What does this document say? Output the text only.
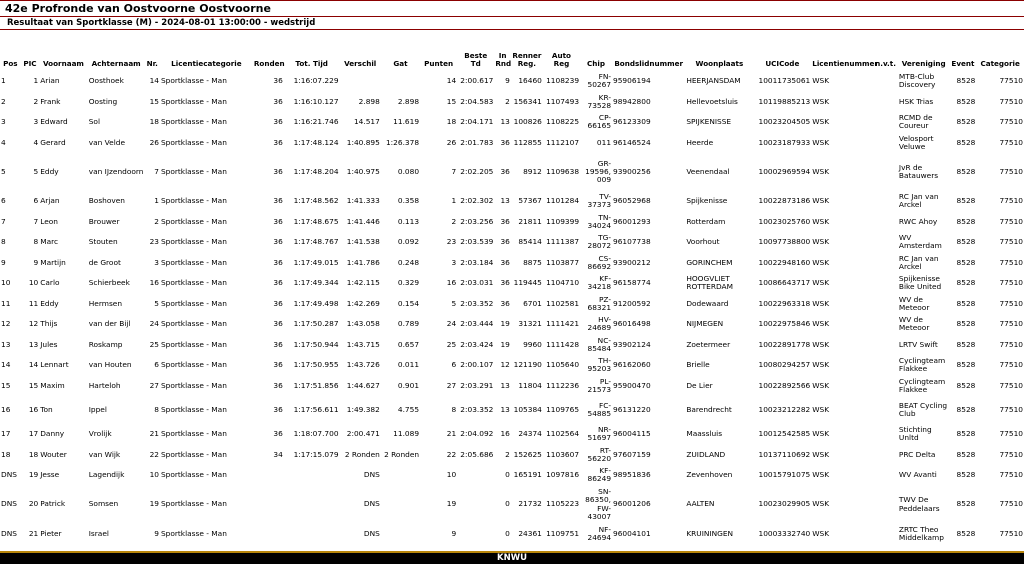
42e Profronde van Oostvoorne Oostvoorne
Resultaat van Sportklasse (M) - 2024-08-01 13:00:00 - wedstrijd
Pos	PIC	Voornaam	Achternaam	Nr.	Licentiecategorie	Ronden	Tot. Tijd	Verschil	Gat	Punten	Beste Td	In Rnd	Renner Reg.	Auto Reg	Chip	Bondslidnummer	Woonplaats	UCICode	Licentienummer	n.v.t.	Vereniging	Event	Categorie
1	1	Arian	Oosthoek	14	Sportklasse - Man	36	1:16:07.229			14	2:00.617	9	16460	1108239	FN-50267	95906194	HEERJANSDAM	10011735061	WSK		MTB-Club Discovery	8528	77510
2	2	Frank	Oosting	15	Sportklasse - Man	36	1:16:10.127	2.898	2.898	15	2:04.583	2	156341	1107493	KR-73528	98942800	Hellevoetsluis	10119885213	WSK		HSK Trias	8528	77510
3	3	Edward	Sol	18	Sportklasse - Man	36	1:16:21.746	14.517	11.619	18	2:04.171	13	100826	1108225	CP-66165	96123309	SPIJKENISSE	10023204505	WSK		RCMD de Coureur	8528	77510
4	4	Gerard	van Velde	26	Sportklasse - Man	36	1:17:48.124	1:40.895	1:26.378	26	2:01.783	36	112855	1112107	011	96146524	Heerde	10023187933	WSK		Velosport Veluwe	8528	77510
5	5	Eddy	van IJzendoorn	7	Sportklasse - Man	36	1:17:48.204	1:40.975	0.080	7	2:02.205	36	8912	1109638	GR-19596, 009	93900256	Veenendaal	10002969594	WSK		JvR de Batauwers	8528	77510
6	6	Arjan	Boshoven	1	Sportklasse - Man	36	1:17:48.562	1:41.333	0.358	1	2:02.302	13	57367	1101284	TV-37373	96052968	Spijkenisse	10022873186	WSK		RC Jan van Arckel	8528	77510
7	7	Leon	Brouwer	2	Sportklasse - Man	36	1:17:48.675	1:41.446	0.113	2	2:03.256	36	21811	1109399	TN-34024	96001293	Rotterdam	10023025760	WSK		RWC Ahoy	8528	77510
8	8	Marc	Stouten	23	Sportklasse - Man	36	1:17:48.767	1:41.538	0.092	23	2:03.539	36	85414	1111387	TG-28072	96107738	Voorhout	10097738800	WSK		WV Amsterdam	8528	77510
9	9	Martijn	de Groot	3	Sportklasse - Man	36	1:17:49.015	1:41.786	0.248	3	2:03.184	36	8875	1103877	CS-86692	93900212	GORINCHEM	10022948160	WSK		RC Jan van Arckel	8528	77510
10	10	Carlo	Schierbeek	16	Sportklasse - Man	36	1:17:49.344	1:42.115	0.329	16	2:03.031	36	119445	1104710	KF-34218	96158774	HOOGVLIET ROTTERDAM	10086643717	WSK		Spijkenisse Bike United	8528	77510
11	11	Eddy	Hermsen	5	Sportklasse - Man	36	1:17:49.498	1:42.269	0.154	5	2:03.352	36	6701	1102581	PZ-68321	91200592	Dodewaard	10022963318	WSK		WV de Meteoor	8528	77510
12	12	Thijs	van der Bijl	24	Sportklasse - Man	36	1:17:50.287	1:43.058	0.789	24	2:03.444	19	31321	1111421	HV-24689	96016498	NIJMEGEN	10022975846	WSK		WV de Meteoor	8528	77510
13	13	Jules	Roskamp	25	Sportklasse - Man	36	1:17:50.944	1:43.715	0.657	25	2:03.424	19	9960	1111428	NC-85484	93902124	Zoetermeer	10022891778	WSK		LRTV Swift	8528	77510
14	14	Lennart	van Houten	6	Sportklasse - Man	36	1:17:50.955	1:43.726	0.011	6	2:00.107	12	121190	1105640	TH-95203	96162060	Brielle	10080294257	WSK		Cyclingteam Flakkee	8528	77510
15	15	Maxim	Harteloh	27	Sportklasse - Man	36	1:17:51.856	1:44.627	0.901	27	2:03.291	13	11804	1112236	PL-21573	95900470	De Lier	10022892566	WSK		Cyclingteam Flakkee	8528	77510
16	16	Ton	Ippel	8	Sportklasse - Man	36	1:17:56.611	1:49.382	4.755	8	2:03.352	13	105384	1109765	FC-54885	96131220	Barendrecht	10023212282	WSK		BEAT Cycling Club	8528	77510
17	17	Danny	Vrolijk	21	Sportklasse - Man	36	1:18:07.700	2:00.471	11.089	21	2:04.092	16	24374	1102564	NR-51697	96004115	Maassluis	10012542585	WSK		Stichting Unltd	8528	77510
18	18	Wouter	van Wijk	22	Sportklasse - Man	34	1:17:15.079	2 Ronden	2 Ronden	22	2:05.686	2	152625	1103607	RT-56220	97607159	ZUIDLAND	10137110692	WSK		PRC Delta	8528	77510
DNS	19	Jesse	Lagendijk	10	Sportklasse - Man			DNS		10		0	165191	1097816	KF-86249	98951836	Zevenhoven	10015791075	WSK		WV Avanti	8528	77510
DNS	20	Patrick	Somsen	19	Sportklasse - Man			DNS		19		0	21732	1105223	SN-86350, FW-43007	96001206	AALTEN	10023029905	WSK		TWV De Peddelaars	8528	77510
DNS	21	Pieter	Israel	9	Sportklasse - Man			DNS		9		0	24361	1109751	NF-24694	96004101	KRUININGEN	10003332740	WSK		ZRTC Theo Middelkamp	8528	77510
KNWU
